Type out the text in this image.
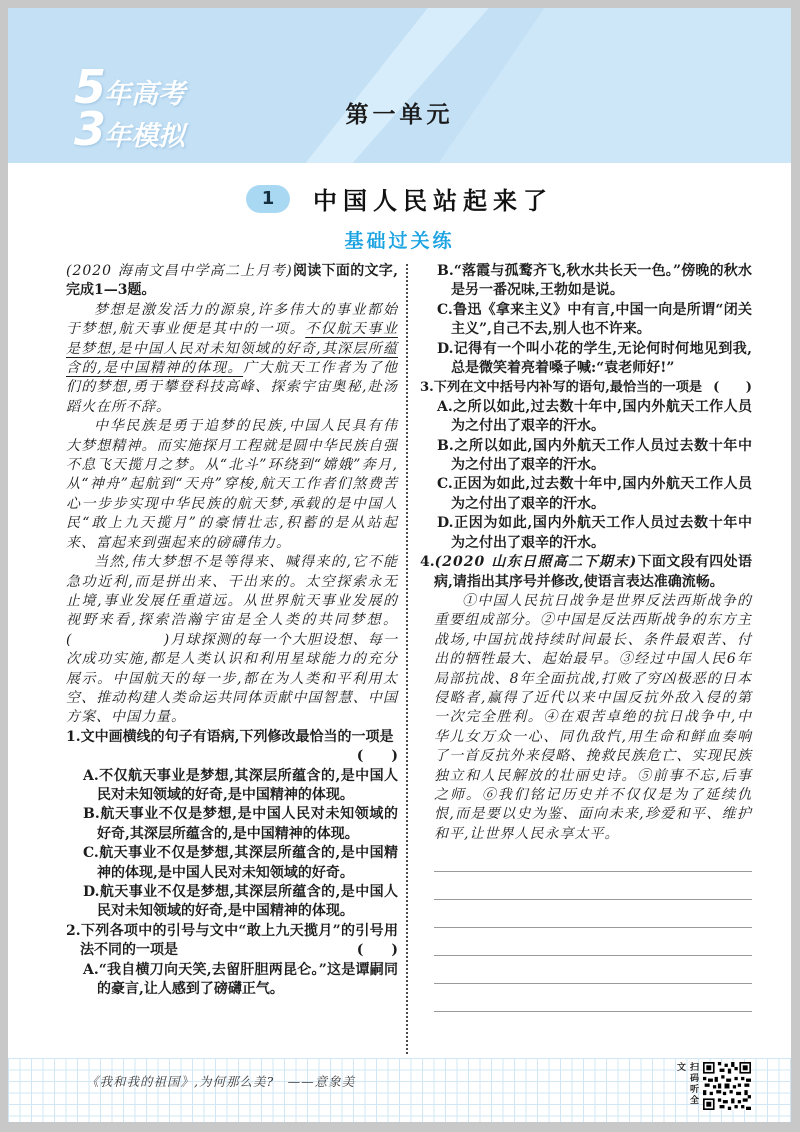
5年高考
3年模拟
第一单元
1 中国人民站起来了
基础过关练
(2020 海南文昌中学高二上月考)阅读下面的文字,完成1—3题。
梦想是激发活力的源泉,许多伟大的事业都始于梦想,航天事业便是其中的一项。不仅航天事业是梦想,是中国人民对未知领域的好奇,其深层所蕴含的,是中国精神的体现。广大航天工作者为了他们的梦想,勇于攀登科技高峰、探索宇宙奥秘,赴汤蹈火在所不辞。
中华民族是勇于追梦的民族,中国人民具有伟大梦想精神。而实施探月工程就是圆中华民族自强不息飞天揽月之梦。从“北斗”环绕到“嫦娥”奔月,从“神舟”起航到“天舟”穿梭,航天工作者们煞费苦心一步步实现中华民族的航天梦,承载的是中国人民“敢上九天揽月”的豪情壮志,积蓄的是从站起来、富起来到强起来的磅礴伟力。
当然,伟大梦想不是等得来、喊得来的,它不能急功近利,而是拼出来、干出来的。太空探索永无止境,事业发展任重道远。从世界航天事业发展的视野来看,探索浩瀚宇宙是全人类的共同梦想。(　　　　　　)月球探测的每一个大胆设想、每一次成功实施,都是人类认识和利用星球能力的充分展示。中国航天的每一步,都在为人类和平利用太空、推动构建人类命运共同体贡献中国智慧、中国方案、中国力量。
1.文中画横线的句子有语病,下列修改最恰当的一项是
(　　)
A.不仅航天事业是梦想,其深层所蕴含的,是中国人民对未知领域的好奇,是中国精神的体现。
B.航天事业不仅是梦想,是中国人民对未知领域的好奇,其深层所蕴含的,是中国精神的体现。
C.航天事业不仅是梦想,其深层所蕴含的,是中国精神的体现,是中国人民对未知领域的好奇。
D.航天事业不仅是梦想,其深层所蕴含的,是中国人民对未知领域的好奇,是中国精神的体现。
2.下列各项中的引号与文中“敢上九天揽月”的引号用法不同的一项是	(　　)
A.“我自横刀向天笑,去留肝胆两昆仑。”这是谭嗣同的豪言,让人感到了磅礴正气。
B.“落霞与孤鹜齐飞,秋水共长天一色。”傍晚的秋水是另一番况味,王勃如是说。
C.鲁迅《拿来主义》中有言,中国一向是所谓“闭关主义”,自己不去,别人也不许来。
D.记得有一个叫小花的学生,无论何时何地见到我,总是微笑着亮着嗓子喊:“袁老师好!”
3.下列在文中括号内补写的语句,最恰当的一项是 (　　)
A.之所以如此,过去数十年中,国内外航天工作人员为之付出了艰辛的汗水。
B.之所以如此,国内外航天工作人员过去数十年中为之付出了艰辛的汗水。
C.正因为如此,过去数十年中,国内外航天工作人员为之付出了艰辛的汗水。
D.正因为如此,国内外航天工作人员过去数十年中为之付出了艰辛的汗水。
4.(2020 山东日照高二下期末)下面文段有四处语病,请指出其序号并修改,使语言表达准确流畅。
①中国人民抗日战争是世界反法西斯战争的重要组成部分。②中国是反法西斯战争的东方主战场,中国抗战持续时间最长、条件最艰苦、付出的牺牲最大、起始最早。③经过中国人民6年局部抗战、8年全面抗战,打败了穷凶极恶的日本侵略者,赢得了近代以来中国反抗外敌入侵的第一次完全胜利。④在艰苦卓绝的抗日战争中,中华儿女万众一心、同仇敌忾,用生命和鲜血奏响了一首反抗外来侵略、挽救民族危亡、实现民族独立和人民解放的壮丽史诗。⑤前事不忘,后事之师。⑥我们铭记历史并不仅仅是为了延续仇恨,而是要以史为鉴、面向未来,珍爱和平、维护和平,让世界人民永享太平。
《我和我的祖国》,为何那么美?　——意象美	扫码听全文
